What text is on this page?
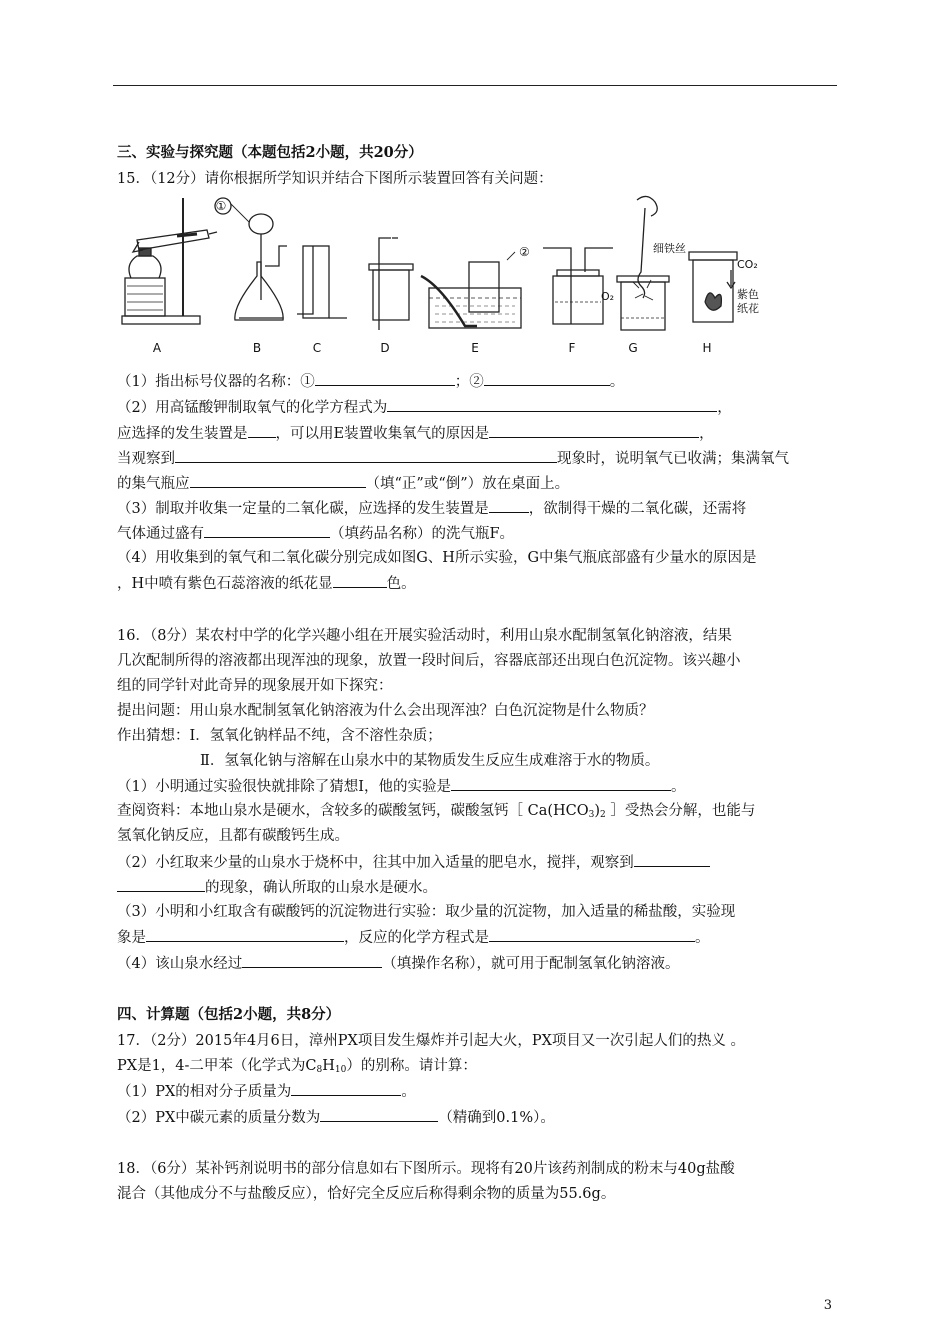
三、实验与探究题（本题包括2小题，共20分）
15．（12分）请你根据所学知识并结合下图所示装置回答有关问题：
①
②
O₂
细铁丝
CO₂
紫色
纸花
A	B	C	D	E	F	G	H
（1）指出标号仪器的名称：①	；②	。
（2）用高锰酸钾制取氧气的化学方程式为	，
应选择的发生装置是 ，可以用E装置收集氧气的原因是	，
当观察到	现象时，说明氧气已收满；集满氧气
的集气瓶应	（填“正”或“倒”）放在桌面上。
（3）制取并收集一定量的二氧化碳，应选择的发生装置是	，欲制得干燥的二氧化碳，还需将
气体通过盛有	（填药品名称）的洗气瓶F。
（4）用收集到的氧气和二氧化碳分别完成如图G、H所示实验，G中集气瓶底部盛有少量水的原因是
，H中喷有紫色石蕊溶液的纸花显	色。
16．（8分）某农村中学的化学兴趣小组在开展实验活动时，利用山泉水配制氢氧化钠溶液，结果
几次配制所得的溶液都出现浑浊的现象，放置一段时间后，容器底部还出现白色沉淀物。该兴趣小
组的同学针对此奇异的现象展开如下探究：
提出问题：用山泉水配制氢氧化钠溶液为什么会出现浑浊？白色沉淀物是什么物质？
作出猜想：Ⅰ．氢氧化钠样品不纯，含不溶性杂质；
Ⅱ．氢氧化钠与溶解在山泉水中的某物质发生反应生成难溶于水的物质。
（1）小明通过实验很快就排除了猜想Ⅰ，他的实验是	。
查阅资料：本地山泉水是硬水，含较多的碳酸氢钙，碳酸氢钙［ $Ca(HCO_3)_2$ ］受热会分解，也能与
氢氧化钠反应，且都有碳酸钙生成。
（2）小红取来少量的山泉水于烧杯中，往其中加入适量的肥皂水，搅拌，观察到
的现象，确认所取的山泉水是硬水。
（3）小明和小红取含有碳酸钙的沉淀物进行实验：取少量的沉淀物，加入适量的稀盐酸，实验现
象是	，反应的化学方程式是	。
（4）该山泉水经过	（填操作名称），就可用于配制氢氧化钠溶液。
四、计算题（包括2小题，共8分）
17．（2分）2015年4月6日，漳州PX项目发生爆炸并引起大火，PX项目又一次引起人们的热义 。
PX是1，4-二甲苯（化学式为$C_8H_{10}$）的别称。请计算：
（1）PX的相对分子质量为	。
（2）PX中碳元素的质量分数为	（精确到0.1%）。
18．（6分）某补钙剂说明书的部分信息如右下图所示。现将有20片该药剂制成的粉末与40g盐酸
混合（其他成分不与盐酸反应），恰好完全反应后称得剩余物的质量为55.6g。
3
